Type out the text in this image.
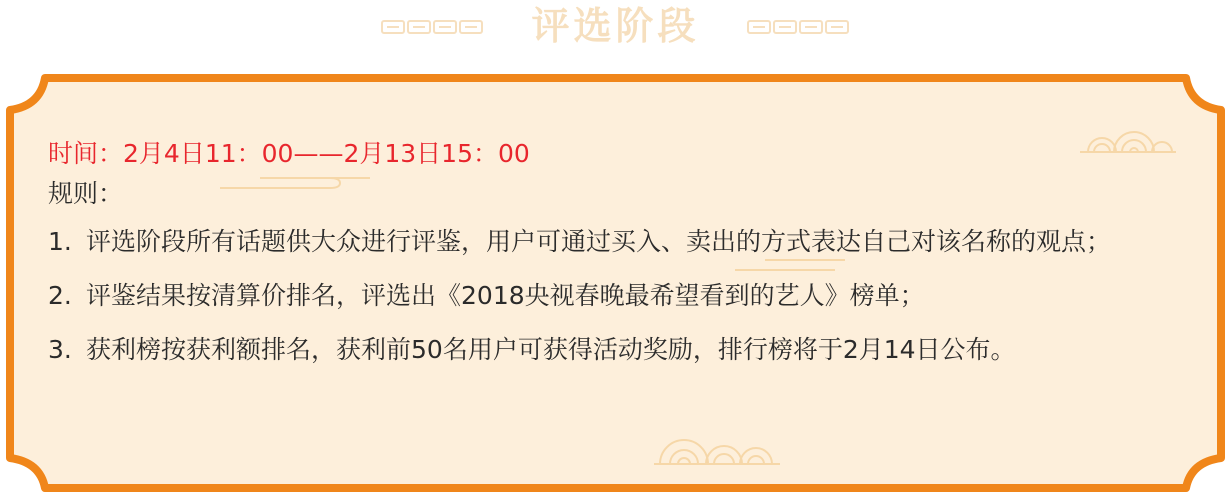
评选阶段
时间：2月4日11：00——2月13日15：00
规则：
1. 评选阶段所有话题供大众进行评鉴，用户可通过买入、卖出的方式表达自己对该名称的观点；
2. 评鉴结果按清算价排名，评选出《2018央视春晚最希望看到的艺人》榜单；
3. 获利榜按获利额排名，获利前50名用户可获得活动奖励，排行榜将于2月14日公布。
